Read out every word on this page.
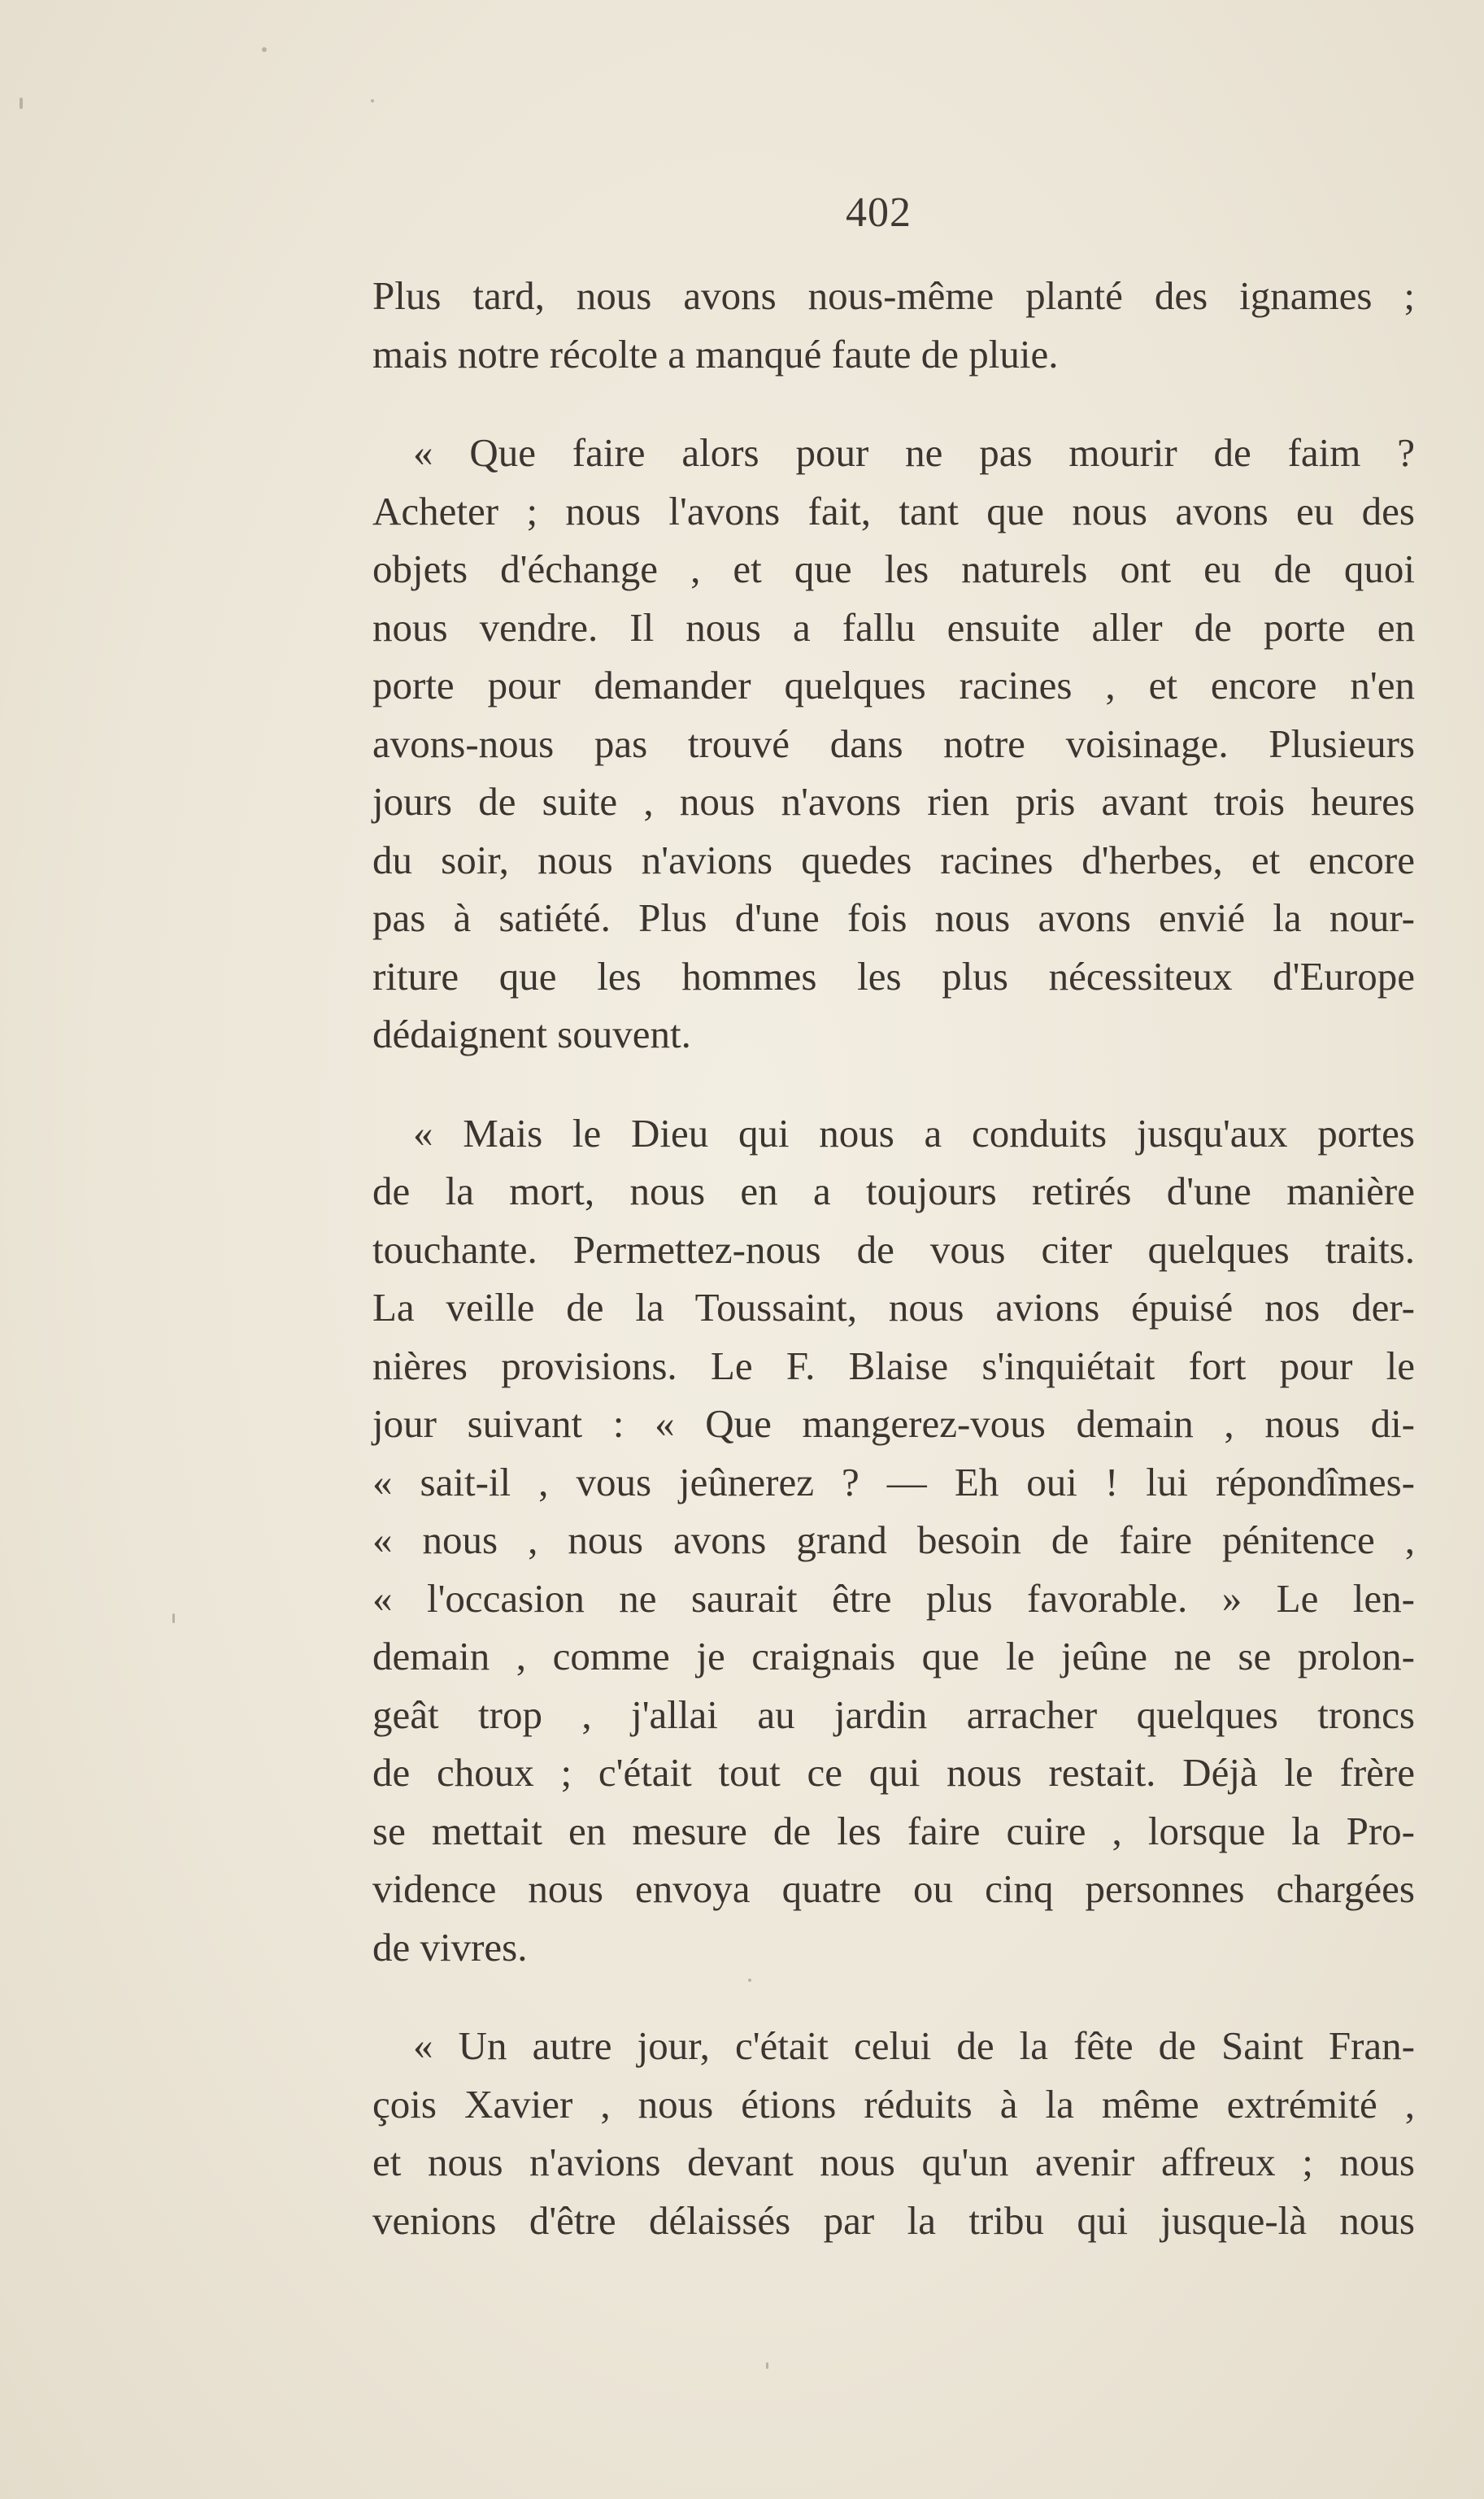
402
Plus tard, nous avons nous-même planté des ignames ;
mais notre récolte a manqué faute de pluie.
« Que faire alors pour ne pas mourir de faim ?
Acheter ; nous l'avons fait, tant que nous avons eu des
objets d'échange , et que les naturels ont eu de quoi
nous vendre. Il nous a fallu ensuite aller de porte en
porte pour demander quelques racines , et encore n'en
avons-nous pas trouvé dans notre voisinage. Plusieurs
jours de suite , nous n'avons rien pris avant trois heures
du soir, nous n'avions quedes racines d'herbes, et encore
pas à satiété. Plus d'une fois nous avons envié la nour-
riture que les hommes les plus nécessiteux d'Europe
dédaignent souvent.
« Mais le Dieu qui nous a conduits jusqu'aux portes
de la mort, nous en a toujours retirés d'une manière
touchante. Permettez-nous de vous citer quelques traits.
La veille de la Toussaint, nous avions épuisé nos der-
nières provisions. Le F. Blaise s'inquiétait fort pour le
jour suivant : « Que mangerez-vous demain , nous di-
« sait-il , vous jeûnerez ? — Eh oui ! lui répondîmes-
« nous , nous avons grand besoin de faire pénitence ,
« l'occasion ne saurait être plus favorable. » Le len-
demain , comme je craignais que le jeûne ne se prolon-
geât trop , j'allai au jardin arracher quelques troncs
de choux ; c'était tout ce qui nous restait. Déjà le frère
se mettait en mesure de les faire cuire , lorsque la Pro-
vidence nous envoya quatre ou cinq personnes chargées
de vivres.
« Un autre jour, c'était celui de la fête de Saint Fran-
çois Xavier , nous étions réduits à la même extrémité ,
et nous n'avions devant nous qu'un avenir affreux ; nous
venions d'être délaissés par la tribu qui jusque-là nous
